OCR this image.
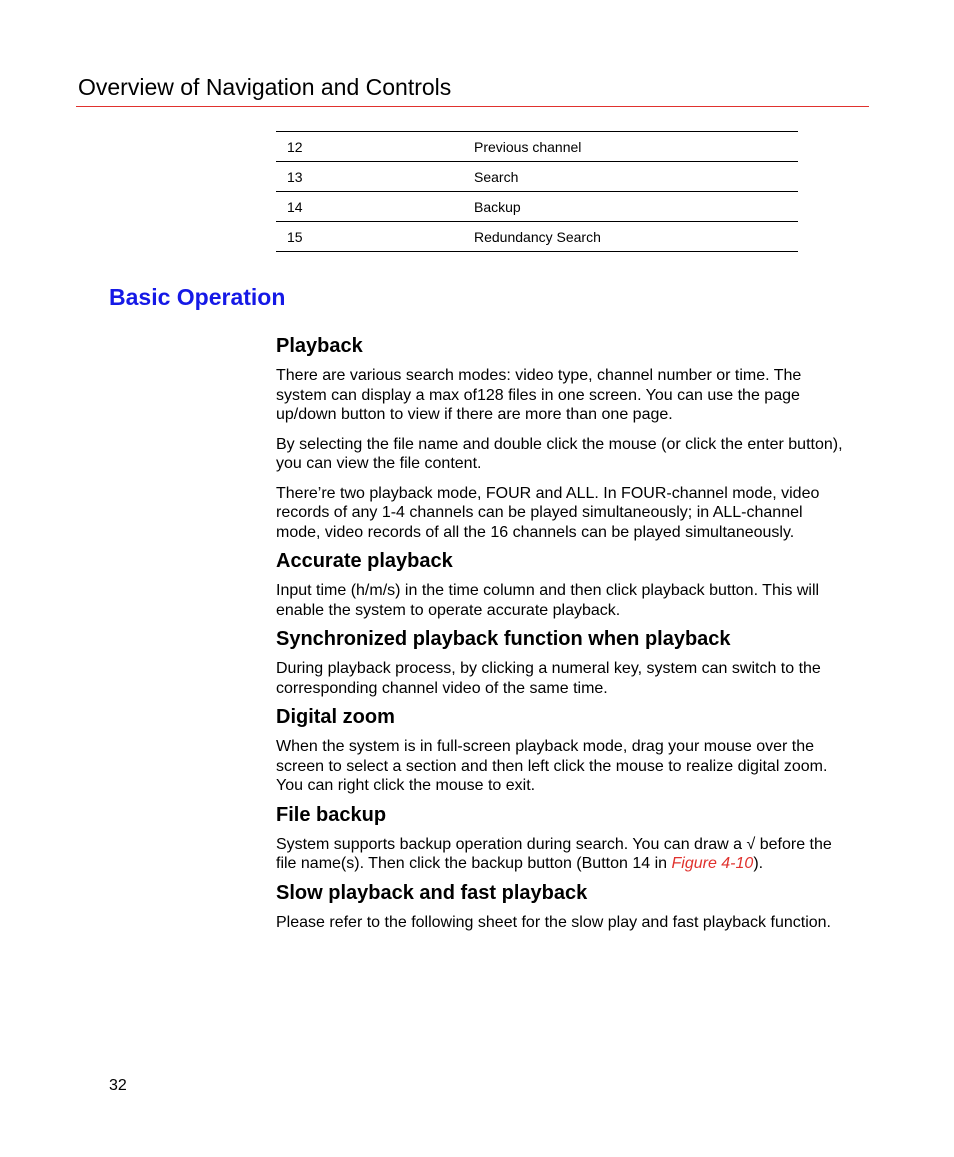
Overview of Navigation and Controls
12	Previous channel
13	Search
14	Backup
15	Redundancy Search
Basic Operation
Playback

There are various search modes: video type, channel number or time. The system can display a max of128 files in one screen. You can use the page up/down button to view if there are more than one page.

By selecting the file name and double click the mouse (or click the enter button), you can view the file content.

There’re two playback mode, FOUR and ALL. In FOUR-channel mode, video records of any 1-4 channels can be played simultaneously; in ALL-channel mode, video records of all the 16 channels can be played simultaneously.

Accurate playback

Input time (h/m/s) in the time column and then click playback button. This will enable the system to operate accurate playback.

Synchronized playback function when playback

During playback process, by clicking a numeral key, system can switch to the corresponding channel video of the same time.

Digital zoom

When the system is in full-screen playback mode, drag your mouse over the screen to select a section and then left click the mouse to realize digital zoom. You can right click the mouse to exit.

File backup

System supports backup operation during search. You can draw a √ before the file name(s). Then click the backup button (Button 14 in Figure 4-10).

Slow playback and fast playback

Please refer to the following sheet for the slow play and fast playback function.

32
